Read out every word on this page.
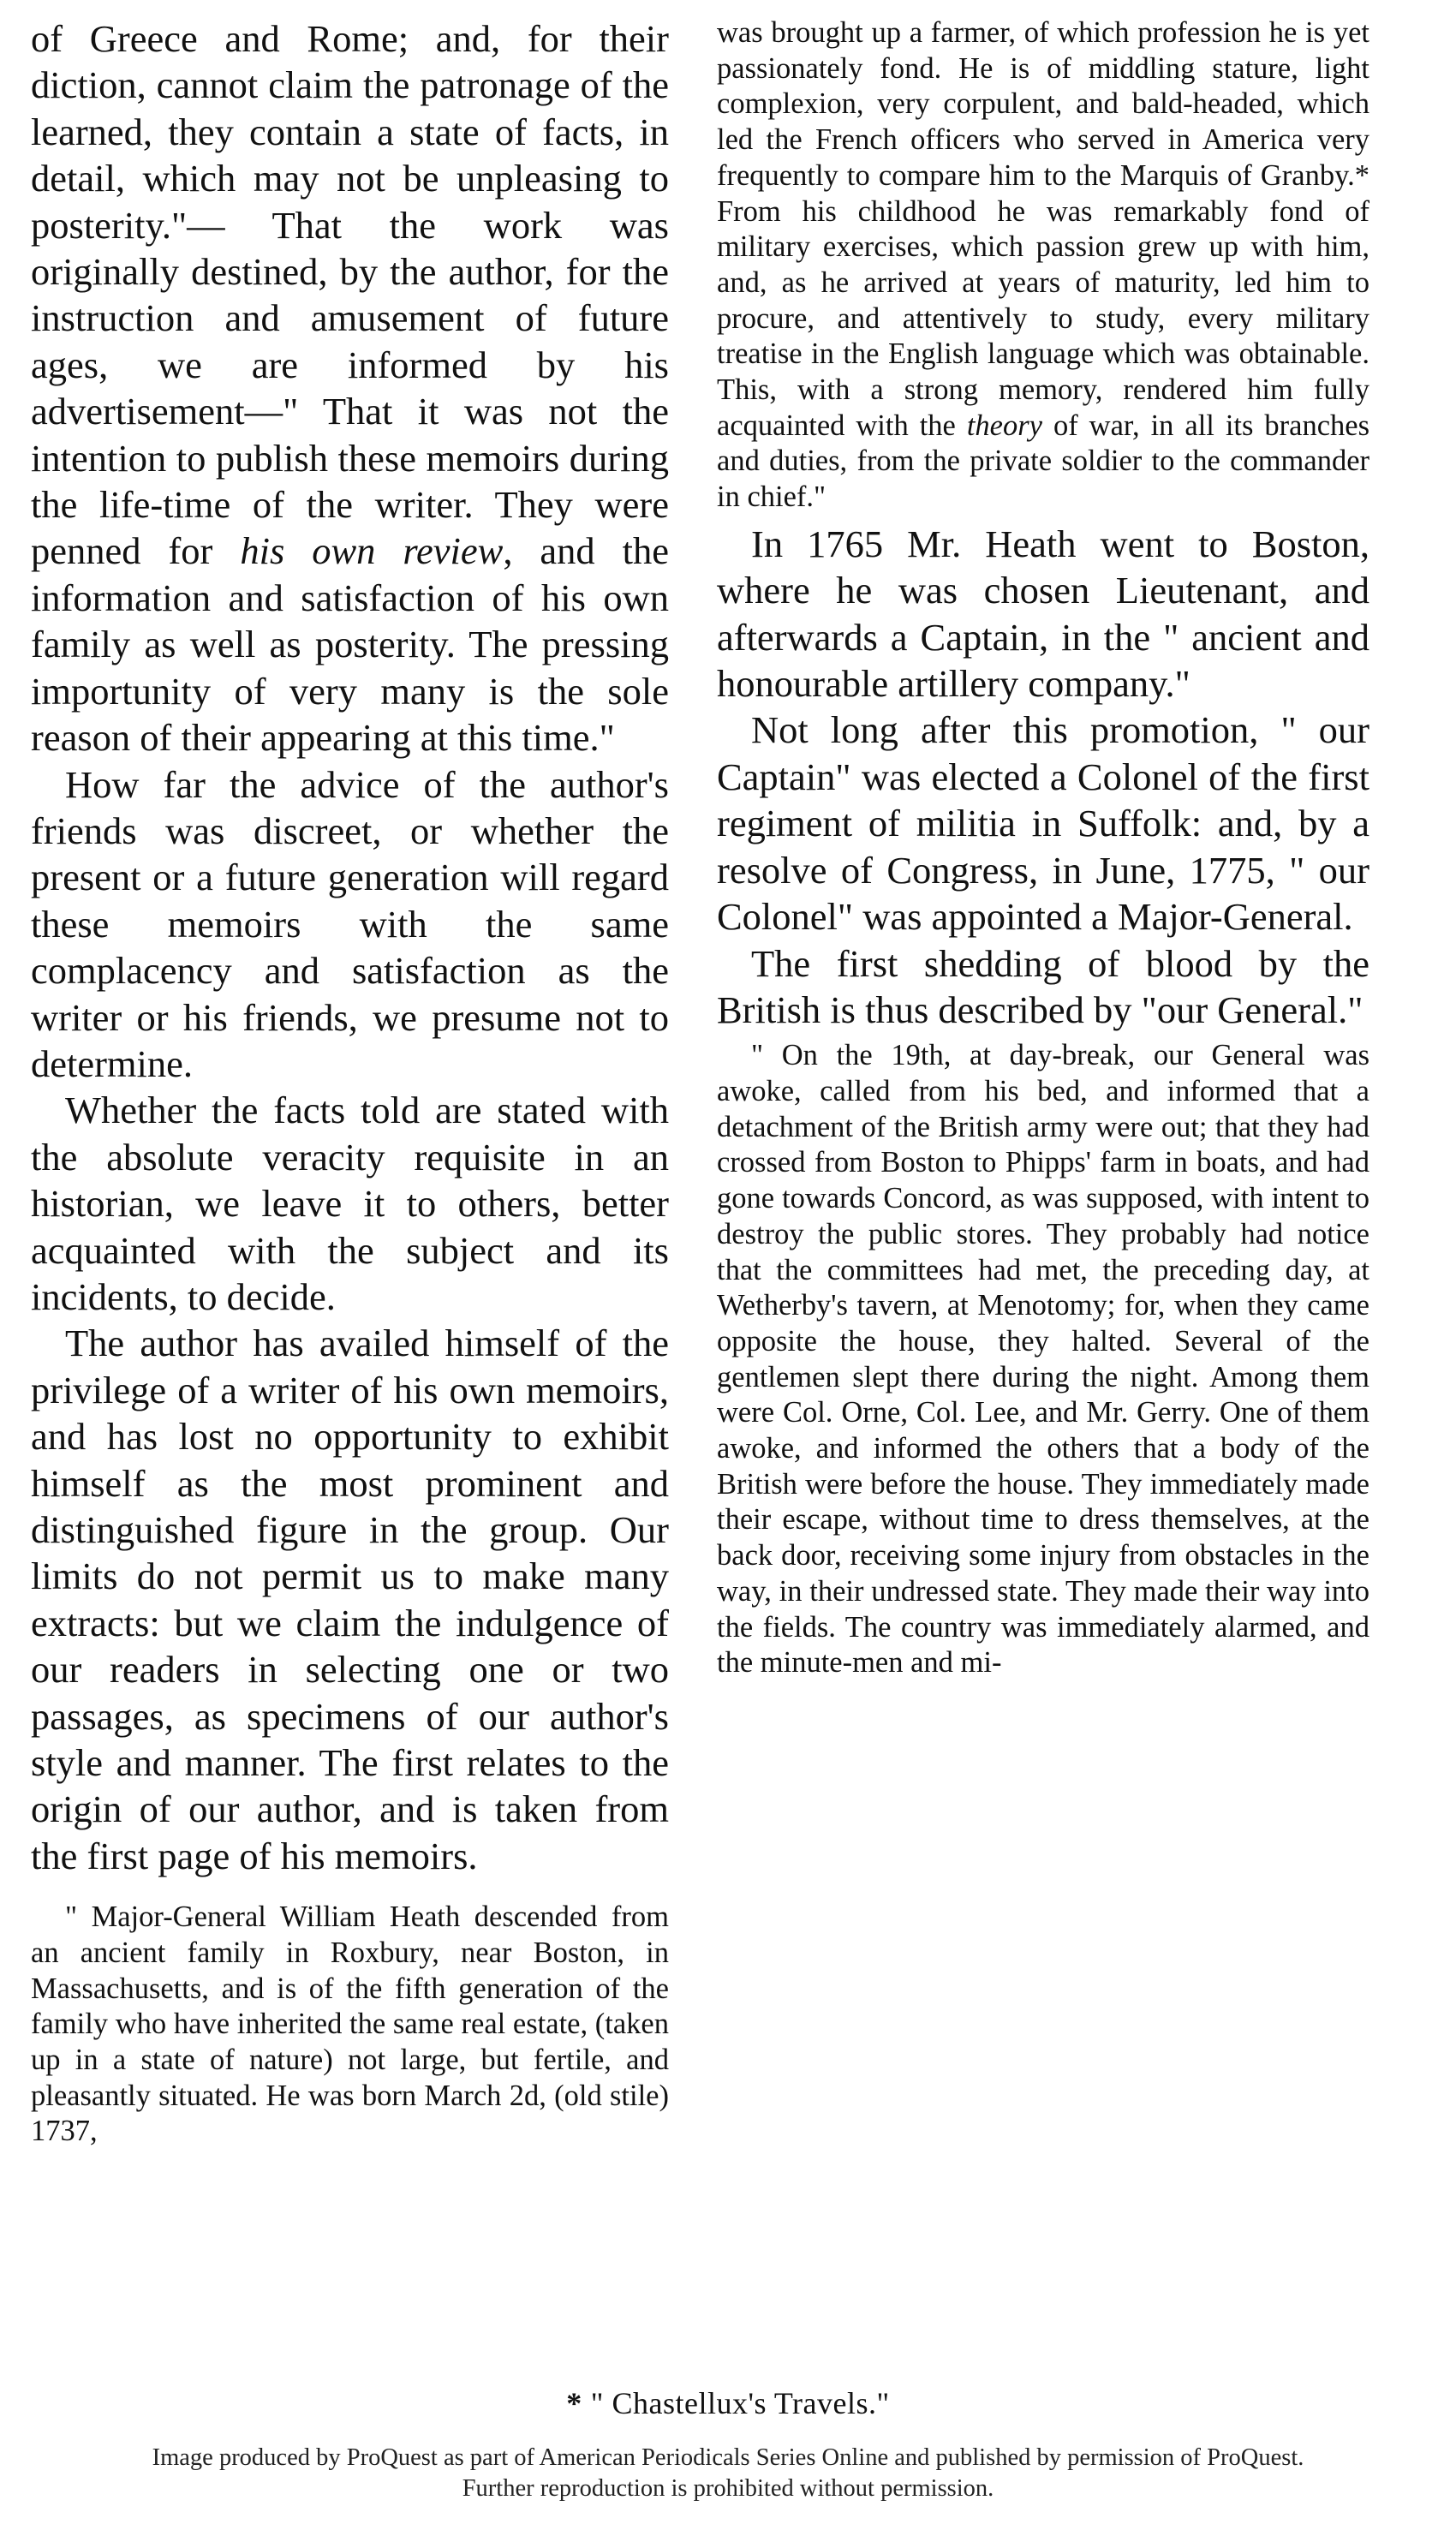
of Greece and Rome; and, for their diction, cannot claim the patronage of the learned, they contain a state of facts, in detail, which may not be unpleasing to posterity."— That the work was originally destined, by the author, for the instruction and amusement of future ages, we are informed by his advertisement—" That it was not the intention to publish these memoirs during the life-time of the writer. They were penned for his own review, and the information and satisfaction of his own family as well as posterity. The pressing importunity of very many is the sole reason of their appearing at this time."

How far the advice of the author's friends was discreet, or whether the present or a future generation will regard these memoirs with the same complacency and satisfaction as the writer or his friends, we presume not to determine.

Whether the facts told are stated with the absolute veracity requisite in an historian, we leave it to others, better acquainted with the subject and its incidents, to decide.

The author has availed himself of the privilege of a writer of his own memoirs, and has lost no opportunity to exhibit himself as the most prominent and distinguished figure in the group. Our limits do not permit us to make many extracts: but we claim the indulgence of our readers in selecting one or two passages, as specimens of our author's style and manner. The first relates to the origin of our author, and is taken from the first page of his memoirs.

" Major-General William Heath descended from an ancient family in Roxbury, near Boston, in Massachusetts, and is of the fifth generation of the family who have inherited the same real estate, (taken up in a state of nature) not large, but fertile, and pleasantly situated. He was born March 2d, (old stile) 1737,

was brought up a farmer, of which profession he is yet passionately fond. He is of middling stature, light complexion, very corpulent, and bald-headed, which led the French officers who served in America very frequently to compare him to the Marquis of Granby.* From his childhood he was remarkably fond of military exercises, which passion grew up with him, and, as he arrived at years of maturity, led him to procure, and attentively to study, every military treatise in the English language which was obtainable. This, with a strong memory, rendered him fully acquainted with the theory of war, in all its branches and duties, from the private soldier to the commander in chief."

In 1765 Mr. Heath went to Boston, where he was chosen Lieutenant, and afterwards a Captain, in the " ancient and honourable artillery company."

Not long after this promotion, " our Captain" was elected a Colonel of the first regiment of militia in Suffolk: and, by a resolve of Congress, in June, 1775, " our Colonel" was appointed a Major-General.

The first shedding of blood by the British is thus described by "our General."

" On the 19th, at day-break, our General was awoke, called from his bed, and informed that a detachment of the British army were out; that they had crossed from Boston to Phipps' farm in boats, and had gone towards Concord, as was supposed, with intent to destroy the public stores. They probably had notice that the committees had met, the preceding day, at Wetherby's tavern, at Menotomy; for, when they came opposite the house, they halted. Several of the gentlemen slept there during the night. Among them were Col. Orne, Col. Lee, and Mr. Gerry. One of them awoke, and informed the others that a body of the British were before the house. They immediately made their escape, without time to dress themselves, at the back door, receiving some injury from obstacles in the way, in their undressed state. They made their way into the fields. The country was immediately alarmed, and the minute-men and mi-

* " Chastellux's Travels."
Image produced by ProQuest as part of American Periodicals Series Online and published by permission of ProQuest.
Further reproduction is prohibited without permission.
